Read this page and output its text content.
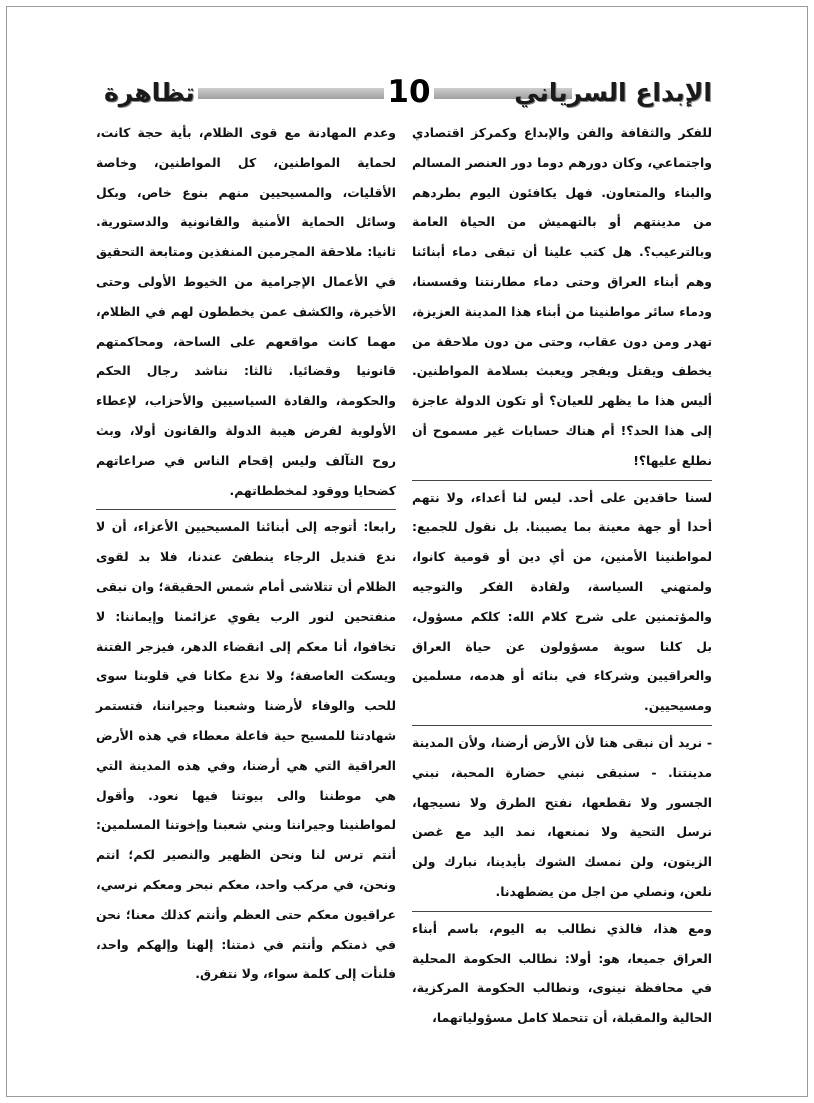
الإبداع السرياني
10
تظاهرة

للفكر والثقافة والفن والإبداع وكمركز اقتصادي واجتماعي، وكان دورهم دوما دور العنصر المسالم والبناء والمتعاون. فهل يكافئون اليوم بطردهم من مدينتهم أو بالتهميش من الحياة العامة وبالترعيب؟. هل كتب علينا أن تبقى دماء أبنائنا وهم أبناء العراق وحتى دماء مطارنتنا وقسسنا، ودماء سائر مواطنينا من أبناء هذا المدينة العزيزة، تهدر ومن دون عقاب، وحتى من دون ملاحقة من يخطف ويقتل ويفجر ويعبث بسلامة المواطنين. أليس هذا ما يظهر للعيان؟ أو تكون الدولة عاجزة إلى هذا الحد؟! أم هناك حسابات غير مسموح أن نطلع عليها؟!

لسنا حاقدين على أحد. ليس لنا أعداء، ولا نتهم أحدا أو جهة معينة بما يصيبنا. بل نقول للجميع: لمواطنينا الأمنين، من أي دين أو قومية كانوا، ولمتهني السياسة، ولقادة الفكر والتوجيه والمؤتمنين على شرح كلام الله: كلكم مسؤول، بل كلنا سوية مسؤولون عن حياة العراق والعراقيين وشركاء في بنائه أو هدمه، مسلمين ومسيحيين.

- نريد أن نبقى هنا لأن الأرض أرضنا، ولأن المدينة مدينتنا. - سنبقى نبني حضارة المحبة، نبني الجسور ولا نقطعها، نفتح الطرق ولا نسيجها، نرسل التحية ولا نمنعها، نمد اليد مع غصن الزيتون، ولن نمسك الشوك بأيدينا، نبارك ولن نلعن، ونصلي من اجل من يضطهدنا.

ومع هذا، فالذي نطالب به اليوم، باسم أبناء العراق جميعا، هو: أولا: نطالب الحكومة المحلية في محافظة نينوى، ونطالب الحكومة المركزية، الحالية والمقبلة، أن تتحملا كامل مسؤولياتهما،

وعدم المهادنة مع قوى الظلام، بأية حجة كانت، لحماية المواطنين، كل المواطنين، وخاصة الأقليات، والمسيحيين منهم بنوع خاص، وبكل وسائل الحماية الأمنية والقانونية والدستورية. ثانيا: ملاحقة المجرمين المنفذين ومتابعة التحقيق في الأعمال الإجرامية من الخيوط الأولى وحتى الأخيرة، والكشف عمن يخططون لهم في الظلام، مهما كانت مواقعهم على الساحة، ومحاكمتهم قانونيا وقضائيا. ثالثا: نناشد رجال الحكم والحكومة، والقادة السياسيين والأحزاب، لإعطاء الأولوية لفرض هيبة الدولة والقانون أولا، وبث روح التآلف وليس إقحام الناس في صراعاتهم كضحايا ووقود لمخططاتهم.

رابعا: أتوجه إلى أبنائنا المسيحيين الأعزاء، أن لا ندع قنديل الرجاء ينطفئ عندنا، فلا بد لقوى الظلام أن تتلاشى أمام شمس الحقيقة؛ وان نبقى منفتحين لنور الرب يقوي عزائمنا وإيماننا: لا تخافوا، أنا معكم إلى انقضاء الدهر، فيزجر الفتنة ويسكت العاصفة؛ ولا ندع مكانا في قلوبنا سوى للحب والوفاء لأرضنا وشعبنا وجيراننا، فتستمر شهادتنا للمسيح حية فاعلة معطاء في هذه الأرض العراقية التي هي أرضنا، وفي هذه المدينة التي هي موطننا والى بيوتنا فيها نعود. وأقول لمواطنينا وجيراننا وبني شعبنا وإخوتنا المسلمين: أنتم ترس لنا ونحن الظهير والنصير لكم؛ انتم ونحن، في مركب واحد، معكم نبحر ومعكم نرسي، عراقيون معكم حتى العظم وأنتم كذلك معنا؛ نحن في ذمتكم وأنتم في ذمتنا: إلهنا وإلهكم واحد، فلنأت إلى كلمة سواء، ولا نتفرق.
